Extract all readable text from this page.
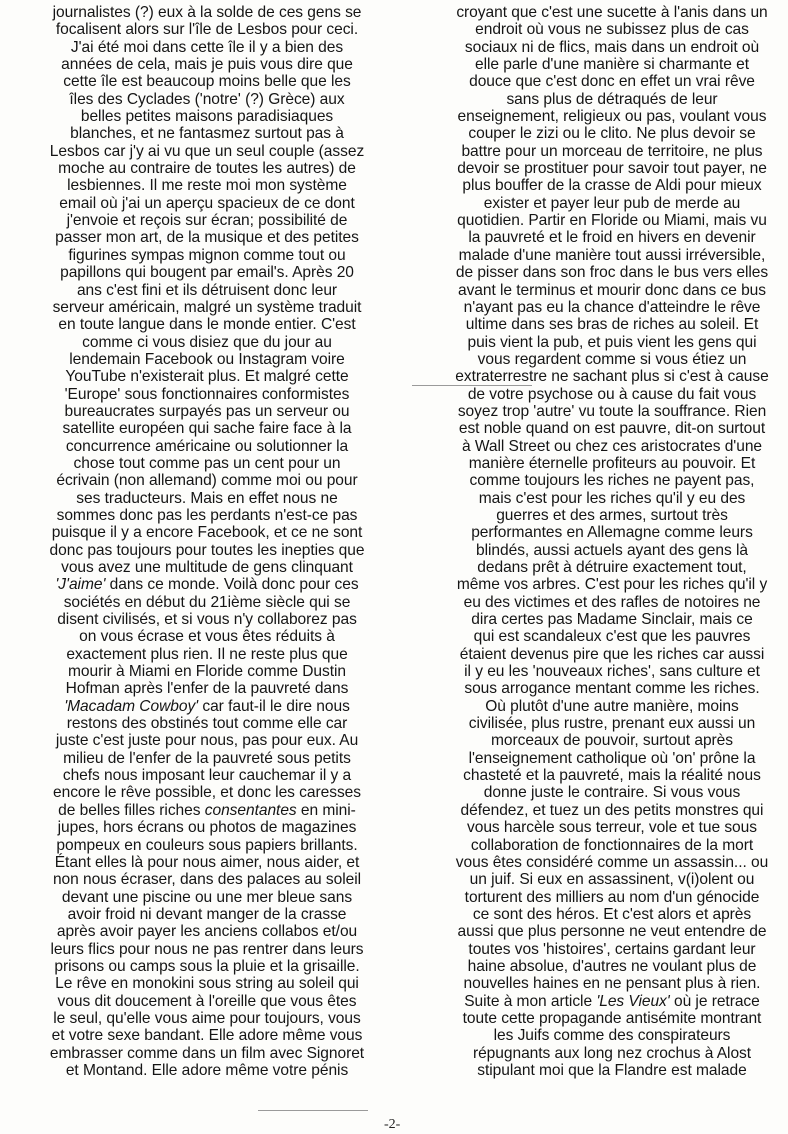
journalistes (?) eux à la solde de ces gens se
focalisent alors sur l'île de Lesbos pour ceci.
J'ai été moi dans cette île il y a bien des
années de cela, mais je puis vous dire que
cette île est beaucoup moins belle que les
îles des Cyclades ('notre' (?) Grèce) aux
belles petites maisons paradisiaques
blanches, et ne fantasmez surtout pas à
Lesbos car j'y ai vu que un seul couple (assez
moche au contraire de toutes les autres) de
lesbiennes. Il me reste moi mon système
email où j'ai un aperçu spacieux de ce dont
j'envoie et reçois sur écran; possibilité de
passer mon art, de la musique et des petites
figurines sympas mignon comme tout ou
papillons qui bougent par email's. Après 20
ans c'est fini et ils détruisent donc leur
serveur américain, malgré un système traduit
en toute langue dans le monde entier. C'est
comme ci vous disiez que du jour au
lendemain Facebook ou Instagram voire
YouTube n'existerait plus. Et malgré cette
'Europe' sous fonctionnaires conformistes
bureaucrates surpayés pas un serveur ou
satellite européen qui sache faire face à la
concurrence américaine ou solutionner la
chose tout comme pas un cent pour un
écrivain (non allemand) comme moi ou pour
ses traducteurs. Mais en effet nous ne
sommes donc pas les perdants n'est-ce pas
puisque il y a encore Facebook, et ce ne sont
donc pas toujours pour toutes les inepties que
vous avez une multitude de gens clinquant
'J'aime' dans ce monde. Voilà donc pour ces
sociétés en début du 21ième siècle qui se
disent civilisés, et si vous n'y collaborez pas
on vous écrase et vous êtes réduits à
exactement plus rien. Il ne reste plus que
mourir à Miami en Floride comme Dustin
Hofman après l'enfer de la pauvreté dans
'Macadam Cowboy' car faut-il le dire nous
restons des obstinés tout comme elle car
juste c'est juste pour nous, pas pour eux. Au
milieu de l'enfer de la pauvreté sous petits
chefs nous imposant leur cauchemar il y a
encore le rêve possible, et donc les caresses
de belles filles riches consentantes en mini-
jupes, hors écrans ou photos de magazines
pompeux en couleurs sous papiers brillants.
Étant elles là pour nous aimer, nous aider, et
non nous écraser, dans des palaces au soleil
devant une piscine ou une mer bleue sans
avoir froid ni devant manger de la crasse
après avoir payer les anciens collabos et/ou
leurs flics pour nous ne pas rentrer dans leurs
prisons ou camps sous la pluie et la grisaille.
Le rêve en monokini sous string au soleil qui
vous dit doucement à l'oreille que vous êtes
le seul, qu'elle vous aime pour toujours, vous
et votre sexe bandant. Elle adore même vous
embrasser comme dans un film avec Signoret
et Montand. Elle adore même votre pénis
croyant que c'est une sucette à l'anis dans un
endroit où vous ne subissez plus de cas
sociaux ni de flics, mais dans un endroit où
elle parle d'une manière si charmante et
douce que c'est donc en effet un vrai rêve
sans plus de détraqués de leur
enseignement, religieux ou pas, voulant vous
couper le zizi ou le clito. Ne plus devoir se
battre pour un morceau de territoire, ne plus
devoir se prostituer pour savoir tout payer, ne
plus bouffer de la crasse de Aldi pour mieux
exister et payer leur pub de merde au
quotidien. Partir en Floride ou Miami, mais vu
la pauvreté et le froid en hivers en devenir
malade d'une manière tout aussi irréversible,
de pisser dans son froc dans le bus vers elles
avant le terminus et mourir donc dans ce bus
n'ayant pas eu la chance d'atteindre le rêve
ultime dans ses bras de riches au soleil. Et
puis vient la pub, et puis vient les gens qui
vous regardent comme si vous étiez un
extraterrestre ne sachant plus si c'est à cause
de votre psychose ou à cause du fait vous
soyez trop 'autre' vu toute la souffrance. Rien
est noble quand on est pauvre, dit-on surtout
à Wall Street ou chez ces aristocrates d'une
manière éternelle profiteurs au pouvoir. Et
comme toujours les riches ne payent pas,
mais c'est pour les riches qu'il y eu des
guerres et des armes, surtout très
performantes en Allemagne comme leurs
blindés, aussi actuels ayant des gens là
dedans prêt à détruire exactement tout,
même vos arbres. C'est pour les riches qu'il y
eu des victimes et des rafles de notoires ne
dira certes pas Madame Sinclair, mais ce
qui est scandaleux c'est que les pauvres
étaient devenus pire que les riches car aussi
il y eu les 'nouveaux riches', sans culture et
sous arrogance mentant comme les riches.
Où plutôt d'une autre manière, moins
civilisée, plus rustre, prenant eux aussi un
morceaux de pouvoir, surtout après
l'enseignement catholique où 'on' prône la
chasteté et la pauvreté, mais la réalité nous
donne juste le contraire. Si vous vous
défendez, et tuez un des petits monstres qui
vous harcèle sous terreur, vole et tue sous
collaboration de fonctionnaires de la mort
vous êtes considéré comme un assassin... ou
un juif. Si eux en assassinent, v(i)olent ou
torturent des milliers au nom d'un génocide
ce sont des héros. Et c'est alors et après
aussi que plus personne ne veut entendre de
toutes vos 'histoires', certains gardant leur
haine absolue, d'autres ne voulant plus de
nouvelles haines en ne pensant plus à rien.
Suite à mon article 'Les Vieux' où je retrace
toute cette propagande antisémite montrant
les Juifs comme des conspirateurs
répugnants aux long nez crochus à Alost
stipulant moi que la Flandre est malade
-2-
